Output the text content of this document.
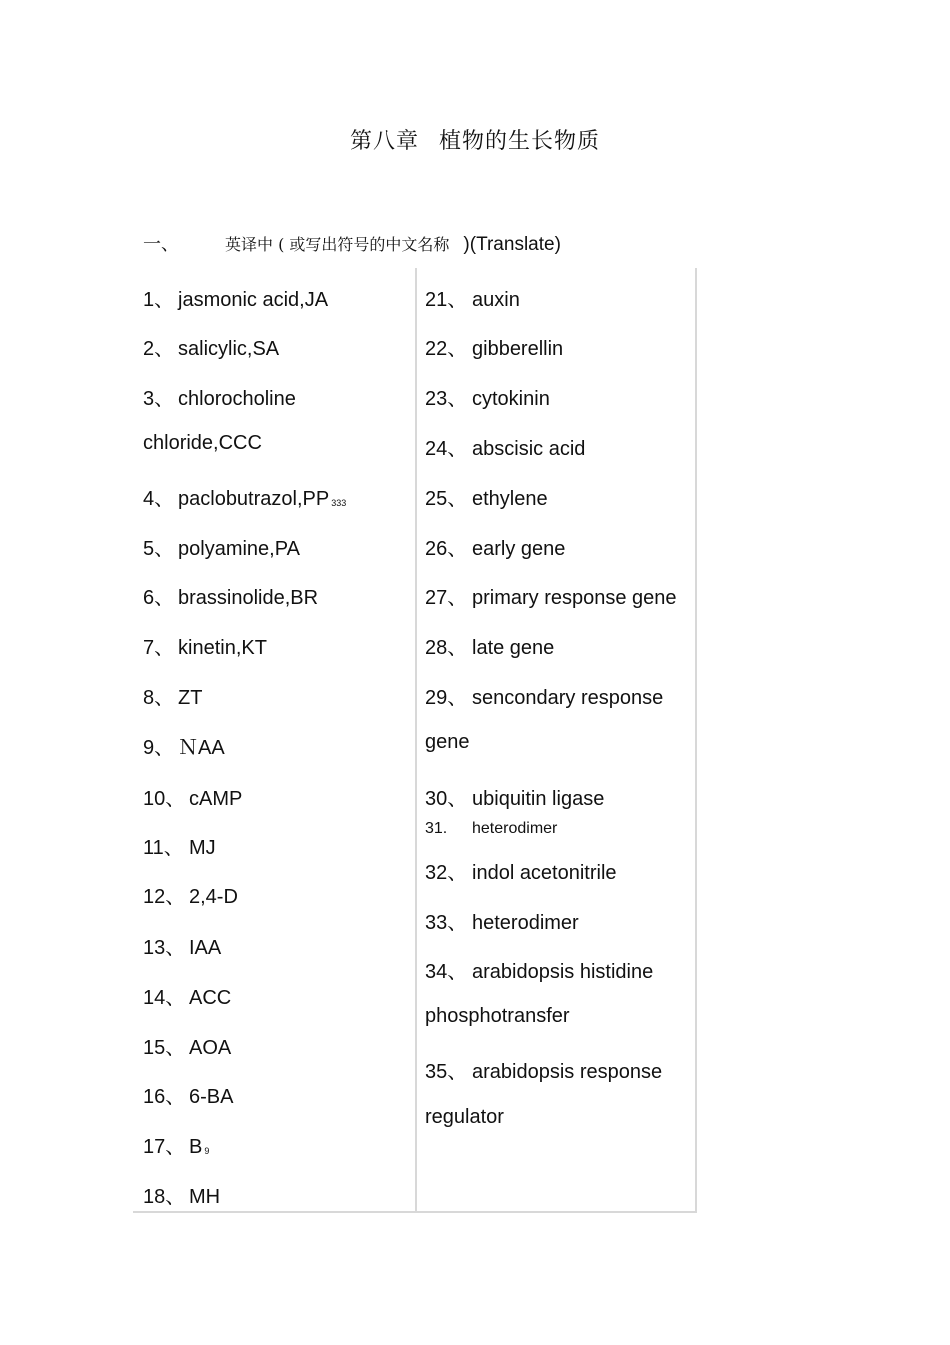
第八章 植物的生长物质
一、	英译中 ( 或写出符号的中文名称 )(Translate)
1、 jasmonic acid,JA
2、 salicylic,SA
3、 chlorocholine
chloride,CCC
4、 paclobutrazol,PP 333
5、 polyamine,PA
6、 brassinolide,BR
7、 kinetin,KT
8、 ZT
9、 ＮAA
10、 cAMP
11、 MJ
12、 2,4-D
13、 IAA
14、 ACC
15、 AOA
16、 6-BA
17、 B 9
18、 MH
21、 auxin
22、 gibberellin
23、 cytokinin
24、 abscisic acid
25、 ethylene
26、 early gene
27、 primary response gene
28、 late gene
29、 sencondary response
gene
30、 ubiquitin ligase
31. heterodimer
32、 indol acetonitrile
33、 heterodimer
34、 arabidopsis histidine
phosphotransfer
35、 arabidopsis response
regulator
